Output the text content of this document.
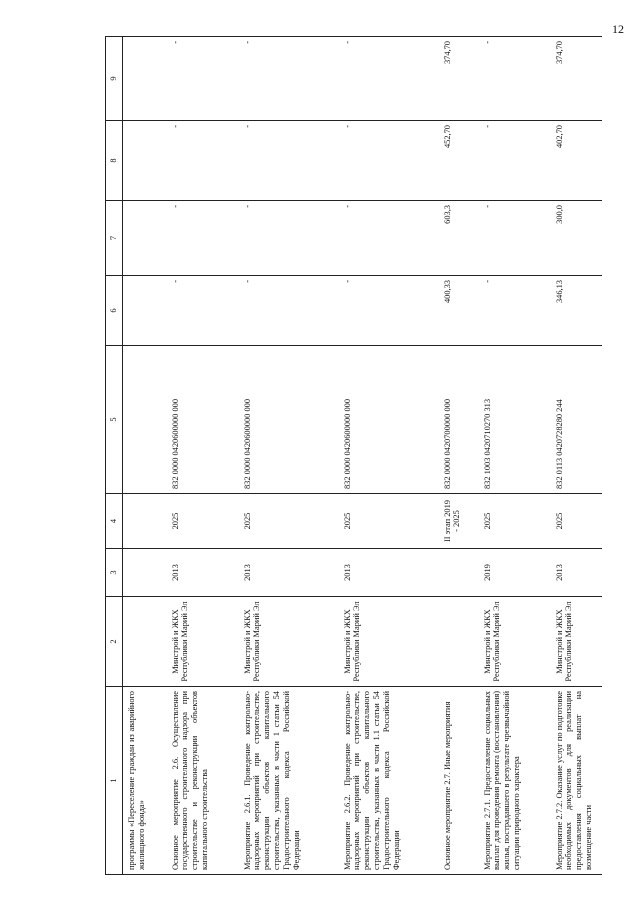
12
1	2	3	4	5	6	7	8	9
программы «Переселение граждан из аварийного жилищного фонда»								
Основное мероприятие 2.6. Осуществление государственного строительного надзора при строительстве и реконструкции объектов капитального строительства	Минстрой и ЖКХ Республики Марий Эл	2013	2025	832 0000 0420600000 000	-	-	-	-
Мероприятие 2.6.1. Проведение контрольно-надзорных мероприятий при строительстве, реконструкции объектов капитального строительства, указанных в части 1 статьи 54 Градостроительного кодекса Российской Федерации	Минстрой и ЖКХ Республики Марий Эл	2013	2025	832 0000 0420600000 000	-	-	-	-
Мероприятие 2.6.2. Проведение контрольно-надзорных мероприятий при строительстве, реконструкции объектов капитального строительства, указанных в части 1.1 статьи 54 Градостроительного кодекса Российской Федерации	Минстрой и ЖКХ Республики Марий Эл	2013	2025	832 0000 0420600000 000	-	-	-	-
Основное мероприятие 2.7. Иные мероприятия			II этап 2019 - 2025	832 0000 0420700000 000	400,33	603,3	452,70	374,70
Мероприятие 2.7.1. Предоставление социальных выплат для проведения ремонта (восстановления) жилья, пострадавшего в результате чрезвычайной ситуации природного характера	Минстрой и ЖКХ Республики Марий Эл	2019	2025	832 1003 0420710270 313	-	-	-	-
Мероприятие 2.7.2. Оказание услуг по подготовке необходимых документов для реализации предоставления социальных выплат на возмещение части	Минстрой и ЖКХ Республики Марий Эл	2013	2025	832 0113 0420728280 244	346,13	300,0	402,70	374,70
